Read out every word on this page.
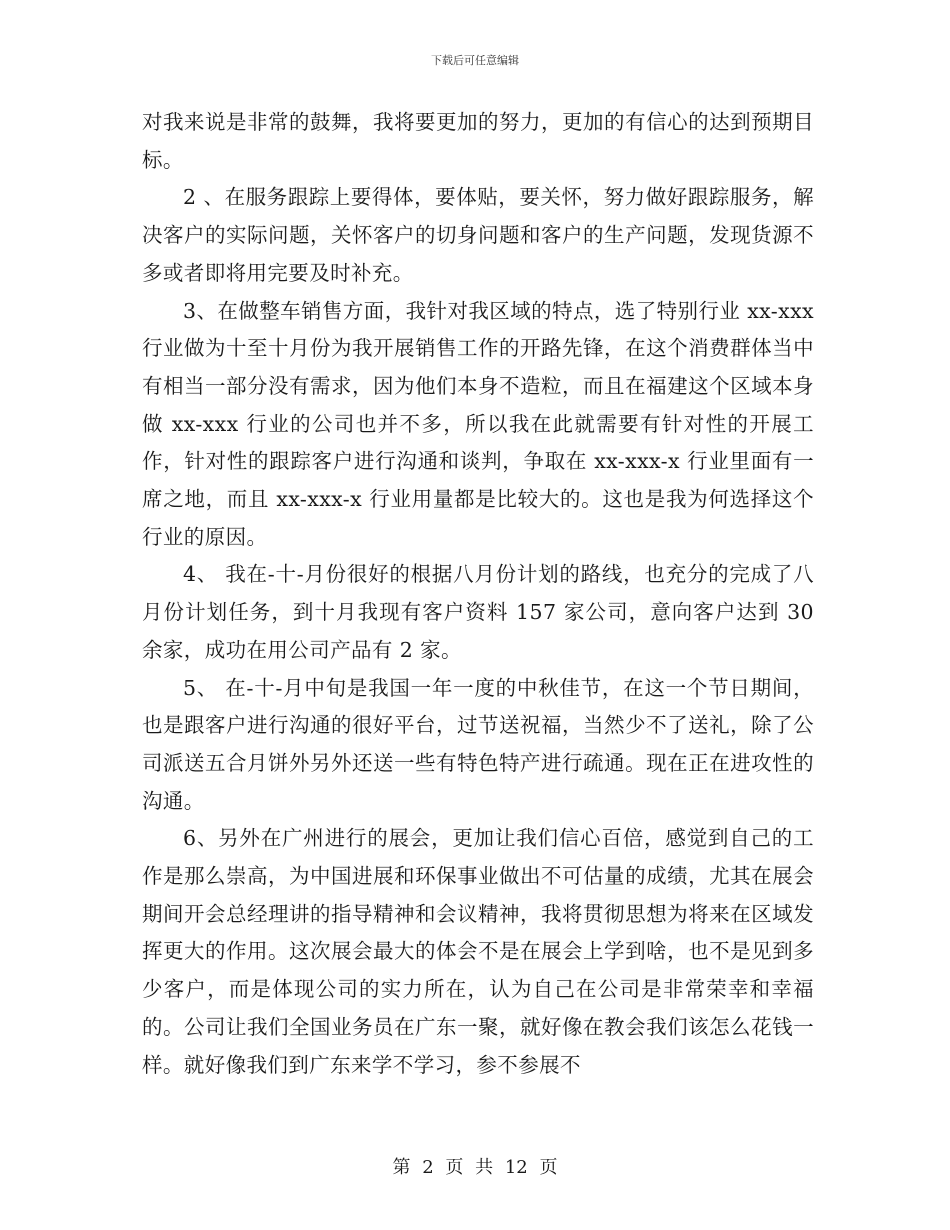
下载后可任意编辑

对我来说是非常的鼓舞，我将要更加的努力，更加的有信心的达到预期目标。

2 、在服务跟踪上要得体，要体贴，要关怀，努力做好跟踪服务，解决客户的实际问题，关怀客户的切身问题和客户的生产问题，发现货源不多或者即将用完要及时补充。

3、在做整车销售方面，我针对我区域的特点，选了特别行业 xx-xxx 行业做为十至十月份为我开展销售工作的开路先锋，在这个消费群体当中有相当一部分没有需求，因为他们本身不造粒，而且在福建这个区域本身做 xx-xxx 行业的公司也并不多，所以我在此就需要有针对性的开展工作，针对性的跟踪客户进行沟通和谈判，争取在 xx-xxx-x 行业里面有一席之地，而且 xx-xxx-x 行业用量都是比较大的。这也是我为何选择这个行业的原因。

4、 我在-十-月份很好的根据八月份计划的路线，也充分的完成了八月份计划任务，到十月我现有客户资料 157 家公司，意向客户达到 30 余家，成功在用公司产品有 2 家。

5、 在-十-月中旬是我国一年一度的中秋佳节，在这一个节日期间， 也是跟客户进行沟通的很好平台，过节送祝福，当然少不了送礼，除了公司派送五合月饼外另外还送一些有特色特产进行疏通。现在正在进攻性的沟通。

6、另外在广州进行的展会，更加让我们信心百倍，感觉到自己的工作是那么崇高，为中国进展和环保事业做出不可估量的成绩，尤其在展会期间开会总经理讲的指导精神和会议精神，我将贯彻思想为将来在区域发挥更大的作用。这次展会最大的体会不是在展会上学到啥，也不是见到多少客户，而是体现公司的实力所在，认为自己在公司是非常荣幸和幸福的。公司让我们全国业务员在广东一聚，就好像在教会我们该怎么花钱一样。就好像我们到广东来学不学习，参不参展不

第 2 页 共 12 页
